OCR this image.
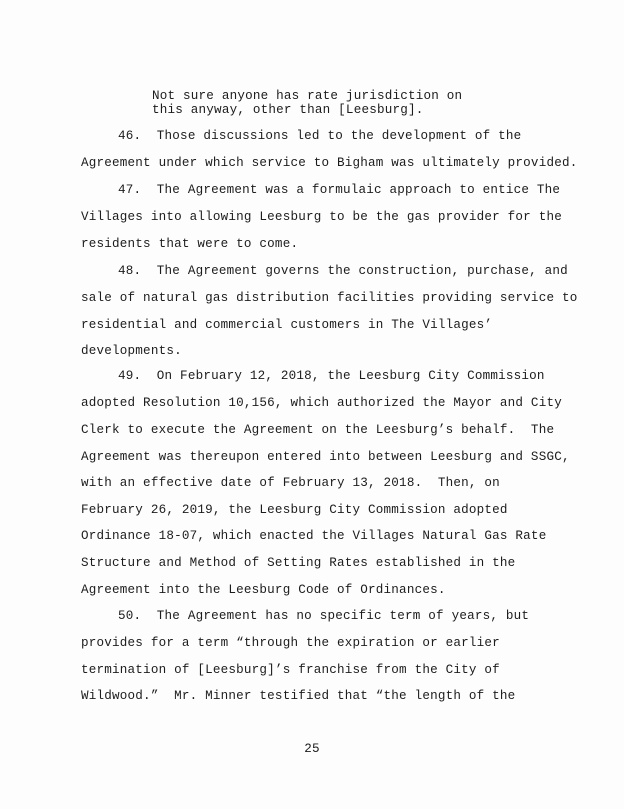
Not sure anyone has rate jurisdiction on
this anyway, other than [Leesburg].
46.  Those discussions led to the development of the
Agreement under which service to Bigham was ultimately provided.
47.  The Agreement was a formulaic approach to entice The
Villages into allowing Leesburg to be the gas provider for the
residents that were to come.
48.  The Agreement governs the construction, purchase, and
sale of natural gas distribution facilities providing service to
residential and commercial customers in The Villages’
developments.
49.  On February 12, 2018, the Leesburg City Commission
adopted Resolution 10,156, which authorized the Mayor and City
Clerk to execute the Agreement on the Leesburg’s behalf.  The
Agreement was thereupon entered into between Leesburg and SSGC,
with an effective date of February 13, 2018.  Then, on
February 26, 2019, the Leesburg City Commission adopted
Ordinance 18-07, which enacted the Villages Natural Gas Rate
Structure and Method of Setting Rates established in the
Agreement into the Leesburg Code of Ordinances.
50.  The Agreement has no specific term of years, but
provides for a term “through the expiration or earlier
termination of [Leesburg]’s franchise from the City of
Wildwood.”  Mr. Minner testified that “the length of the
25
